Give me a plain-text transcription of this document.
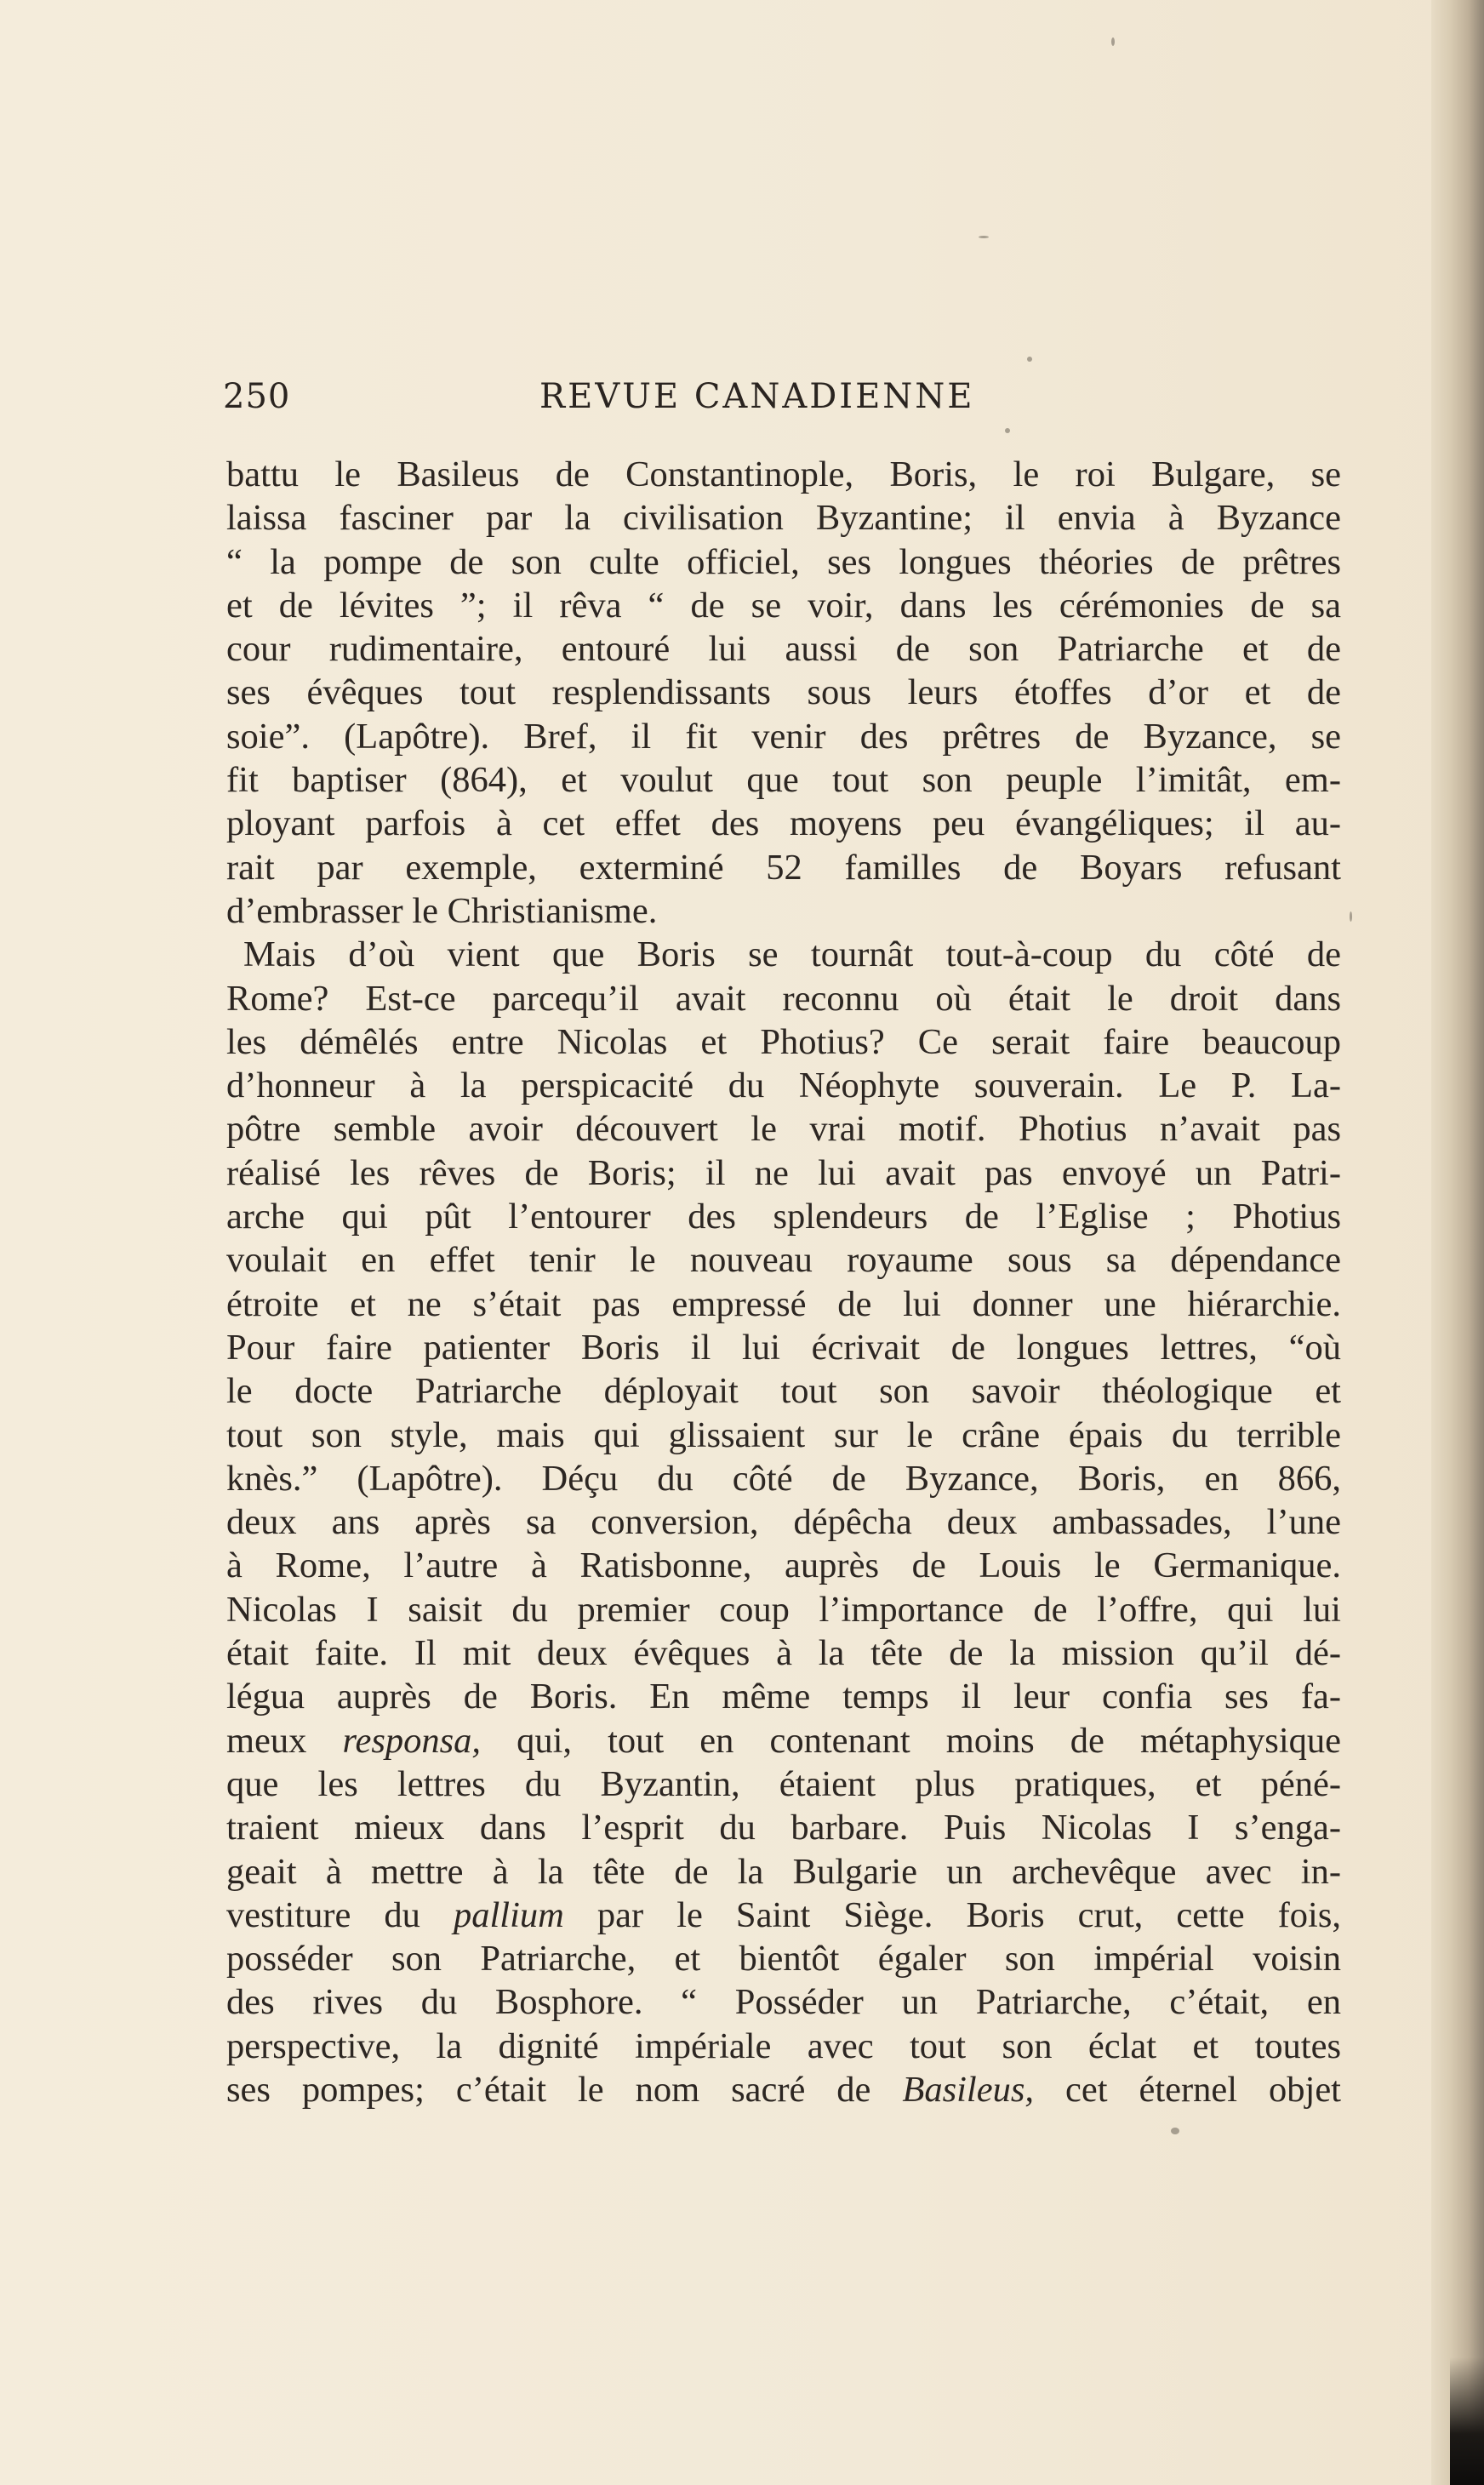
250	REVUE CANADIENNE
battu le Basileus de Constantinople, Boris, le roi Bulgare, se
laissa fasciner par la civilisation Byzantine; il envia à Byzance
“ la pompe de son culte officiel, ses longues théories de prêtres
et de lévites ”; il rêva “ de se voir, dans les cérémonies de sa
cour rudimentaire, entouré lui aussi de son Patriarche et de
ses évêques tout resplendissants sous leurs étoffes d’or et de
soie”. (Lapôtre). Bref, il fit venir des prêtres de Byzance, se
fit baptiser (864), et voulut que tout son peuple l’imitât, em-
ployant parfois à cet effet des moyens peu évangéliques; il au-
rait par exemple, exterminé 52 familles de Boyars refusant
d’embrasser le Christianisme.
Mais d’où vient que Boris se tournât tout-à-coup du côté de
Rome? Est-ce parcequ’il avait reconnu où était le droit dans
les démêlés entre Nicolas et Photius? Ce serait faire beaucoup
d’honneur à la perspicacité du Néophyte souverain. Le P. La-
pôtre semble avoir découvert le vrai motif. Photius n’avait pas
réalisé les rêves de Boris; il ne lui avait pas envoyé un Patri-
arche qui pût l’entourer des splendeurs de l’Eglise ; Photius
voulait en effet tenir le nouveau royaume sous sa dépendance
étroite et ne s’était pas empressé de lui donner une hiérarchie.
Pour faire patienter Boris il lui écrivait de longues lettres, “où
le docte Patriarche déployait tout son savoir théologique et
tout son style, mais qui glissaient sur le crâne épais du terrible
knès.” (Lapôtre). Déçu du côté de Byzance, Boris, en 866,
deux ans après sa conversion, dépêcha deux ambassades, l’une
à Rome, l’autre à Ratisbonne, auprès de Louis le Germanique.
Nicolas I saisit du premier coup l’importance de l’offre, qui lui
était faite. Il mit deux évêques à la tête de la mission qu’il dé-
légua auprès de Boris. En même temps il leur confia ses fa-
meux responsa, qui, tout en contenant moins de métaphysique
que les lettres du Byzantin, étaient plus pratiques, et péné-
traient mieux dans l’esprit du barbare. Puis Nicolas I s’enga-
geait à mettre à la tête de la Bulgarie un archevêque avec in-
vestiture du pallium par le Saint Siège. Boris crut, cette fois,
posséder son Patriarche, et bientôt égaler son impérial voisin
des rives du Bosphore. “ Posséder un Patriarche, c’était, en
perspective, la dignité impériale avec tout son éclat et toutes
ses pompes; c’était le nom sacré de Basileus, cet éternel objet
